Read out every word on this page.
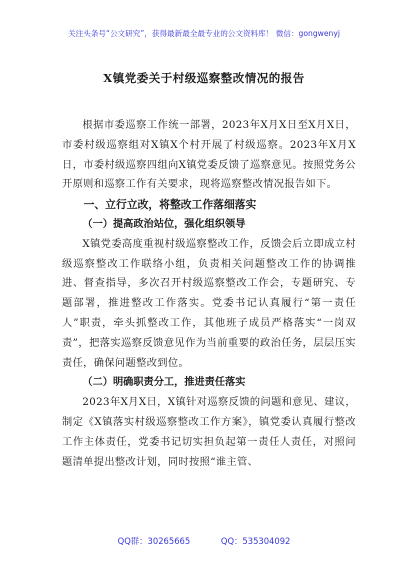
关注头条号“公文研究”，获得最新最全最专业的公文资料库！ 微信：gongwenyj
X镇党委关于村级巡察整改情况的报告

根据市委巡察工作统一部署，2023年X月X日至X月X日，市委村级巡察组对X镇X个村开展了村级巡察。2023年X月X日，市委村级巡察四组向X镇党委反馈了巡察意见。按照党务公开原则和巡察工作有关要求，现将巡察整改情况报告如下。

一、立行立改，将整改工作落细落实

（一）提高政治站位，强化组织领导

X镇党委高度重视村级巡察整改工作，反馈会后立即成立村级巡察整改工作联络小组，负责相关问题整改工作的协调推进、督查指导，多次召开村级巡察整改工作会，专题研究、专题部署，推进整改工作落实。党委书记认真履行“第一责任人”职责，牵头抓整改工作，其他班子成员严格落实“一岗双责”，把落实巡察反馈意见作为当前重要的政治任务，层层压实责任，确保问题整改到位。

（二）明确职责分工，推进责任落实

2023年X月X日，X镇针对巡察反馈的问题和意见、建议，制定《X镇落实村级巡察整改工作方案》，镇党委认真履行整改工作主体责任，党委书记切实担负起第一责任人责任，对照问题清单提出整改计划，同时按照“谁主管、

QQ群：30265665	QQ：535304092
